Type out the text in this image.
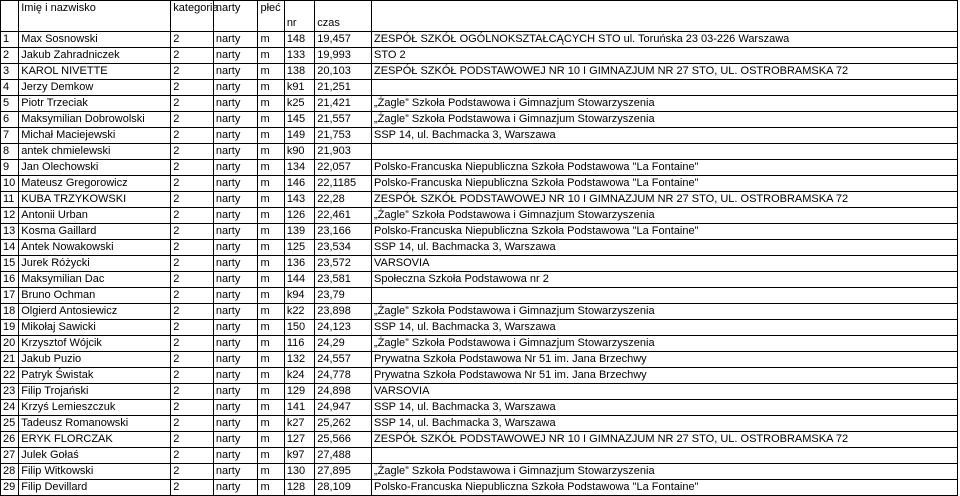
	Imię i nazwisko	kategoria	narty	płeć	nr	czas	

1	Max Sosnowski	2	narty	m	148	19,457	ZESPÓŁ SZKÓŁ OGÓLNOKSZTAŁCĄCYCH STO ul. Toruńska 23 03-226 Warszawa
2	Jakub Zahradniczek	2	narty	m	133	19,993	STO 2
3	KAROL NIVETTE	2	narty	m	138	20,103	ZESPÓŁ SZKÓŁ PODSTAWOWEJ NR 10 I GIMNAZJUM NR 27 STO, UL. OSTROBRAMSKA 72
4	Jerzy Demkow	2	narty	m	k91	21,251	
5	Piotr Trzeciak	2	narty	m	k25	21,421	„Żagle” Szkoła Podstawowa i Gimnazjum Stowarzyszenia
6	Maksymilian Dobrowolski	2	narty	m	145	21,557	„Żagle” Szkoła Podstawowa i Gimnazjum Stowarzyszenia
7	Michał Maciejewski	2	narty	m	149	21,753	SSP 14, ul. Bachmacka 3, Warszawa
8	antek chmielewski	2	narty	m	k90	21,903	
9	Jan Olechowski	2	narty	m	134	22,057	Polsko-Francuska Niepubliczna Szkoła Podstawowa "La Fontaine"
10	Mateusz Gregorowicz	2	narty	m	146	22,1185	Polsko-Francuska Niepubliczna Szkoła Podstawowa "La Fontaine"
11	KUBA TRZYKOWSKI	2	narty	m	143	22,28	ZESPÓŁ SZKÓŁ PODSTAWOWEJ NR 10 I GIMNAZJUM NR 27 STO, UL. OSTROBRAMSKA 72
12	Antonii Urban	2	narty	m	126	22,461	„Żagle” Szkoła Podstawowa i Gimnazjum Stowarzyszenia
13	Kosma Gaillard	2	narty	m	139	23,166	Polsko-Francuska Niepubliczna Szkoła Podstawowa "La Fontaine"
14	Antek Nowakowski	2	narty	m	125	23,534	SSP 14, ul. Bachmacka 3, Warszawa
15	Jurek Różycki	2	narty	m	136	23,572	VARSOVIA
16	Maksymilian Dac	2	narty	m	144	23,581	Społeczna Szkoła Podstawowa nr 2
17	Bruno Ochman	2	narty	m	k94	23,79	
18	Olgierd Antosiewicz	2	narty	m	k22	23,898	„Żagle” Szkoła Podstawowa i Gimnazjum Stowarzyszenia
19	Mikołaj Sawicki	2	narty	m	150	24,123	SSP 14, ul. Bachmacka 3, Warszawa
20	Krzysztof Wójcik	2	narty	m	116	24,29	„Żagle” Szkoła Podstawowa i Gimnazjum Stowarzyszenia
21	Jakub Puzio	2	narty	m	132	24,557	Prywatna Szkoła Podstawowa Nr 51 im. Jana Brzechwy
22	Patryk Świstak	2	narty	m	k24	24,778	Prywatna Szkoła Podstawowa Nr 51 im. Jana Brzechwy
23	Filip Trojański	2	narty	m	129	24,898	VARSOVIA
24	Krzyś Lemieszczuk	2	narty	m	141	24,947	SSP 14, ul. Bachmacka 3, Warszawa
25	Tadeusz Romanowski	2	narty	m	k27	25,262	SSP 14, ul. Bachmacka 3, Warszawa
26	ERYK FLORCZAK	2	narty	m	127	25,566	ZESPÓŁ SZKÓŁ PODSTAWOWEJ NR 10 I GIMNAZJUM NR 27 STO, UL. OSTROBRAMSKA 72
27	Julek Gołaś	2	narty	m	k97	27,488	
28	Filip Witkowski	2	narty	m	130	27,895	„Żagle” Szkoła Podstawowa i Gimnazjum Stowarzyszenia
29	Filip Devillard	2	narty	m	128	28,109	Polsko-Francuska Niepubliczna Szkoła Podstawowa "La Fontaine"
